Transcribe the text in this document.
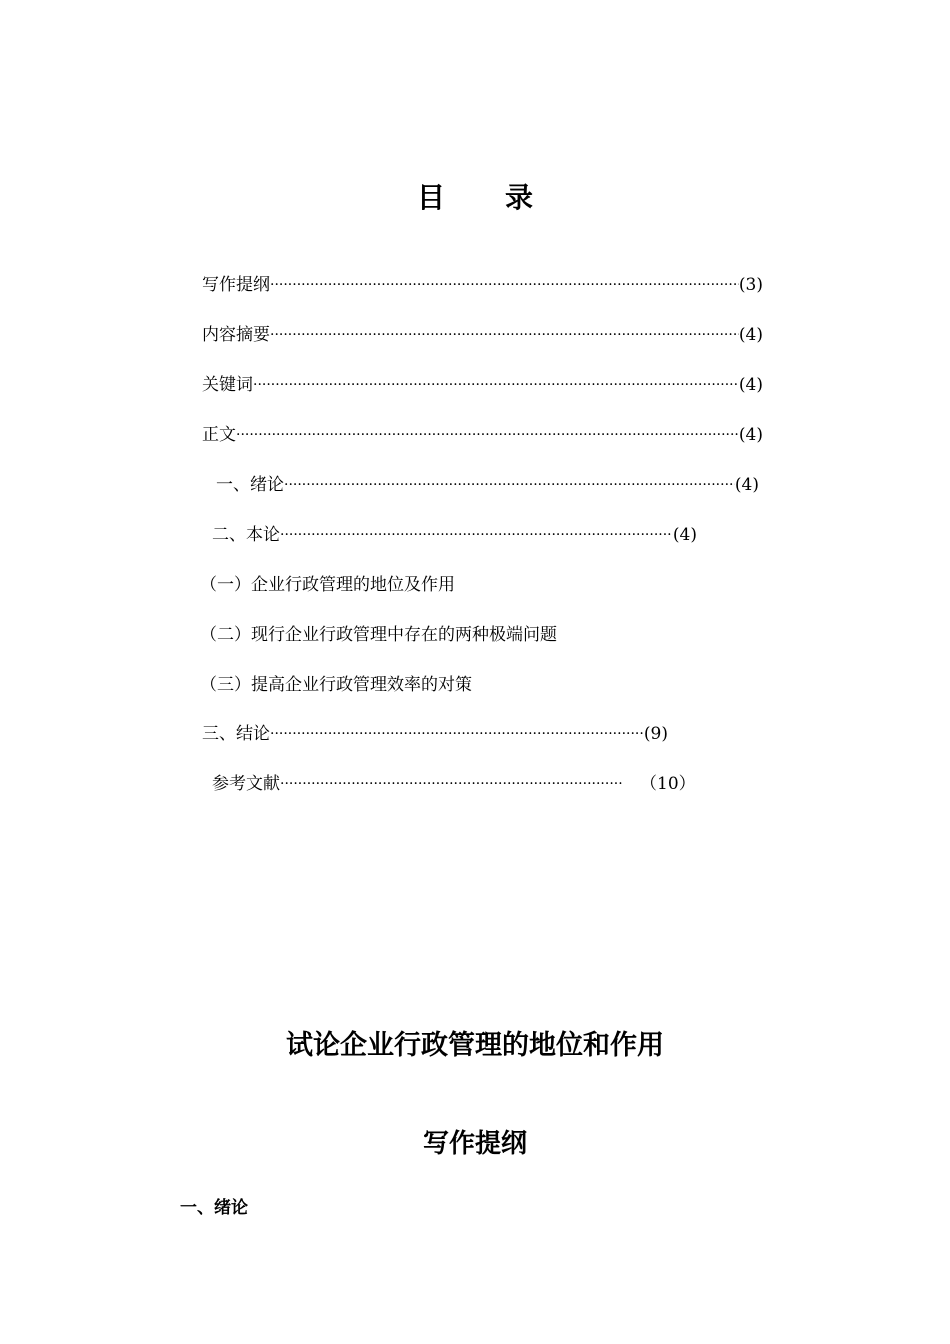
目 录
写作提纲 ·····	(3)
内容摘要 ·····	(4)
关键词 ·····	(4)
正文 ·····	(4)
一、绪论 ·····	(4)
二、本论 ·····	(4)
（一）企业行政管理的地位及作用
（二）现行企业行政管理中存在的两种极端问题
（三）提高企业行政管理效率的对策
三、结论 ·····	(9)
参考文献 ·····	（10）
试论企业行政管理的地位和作用
写作提纲
一、绪论
